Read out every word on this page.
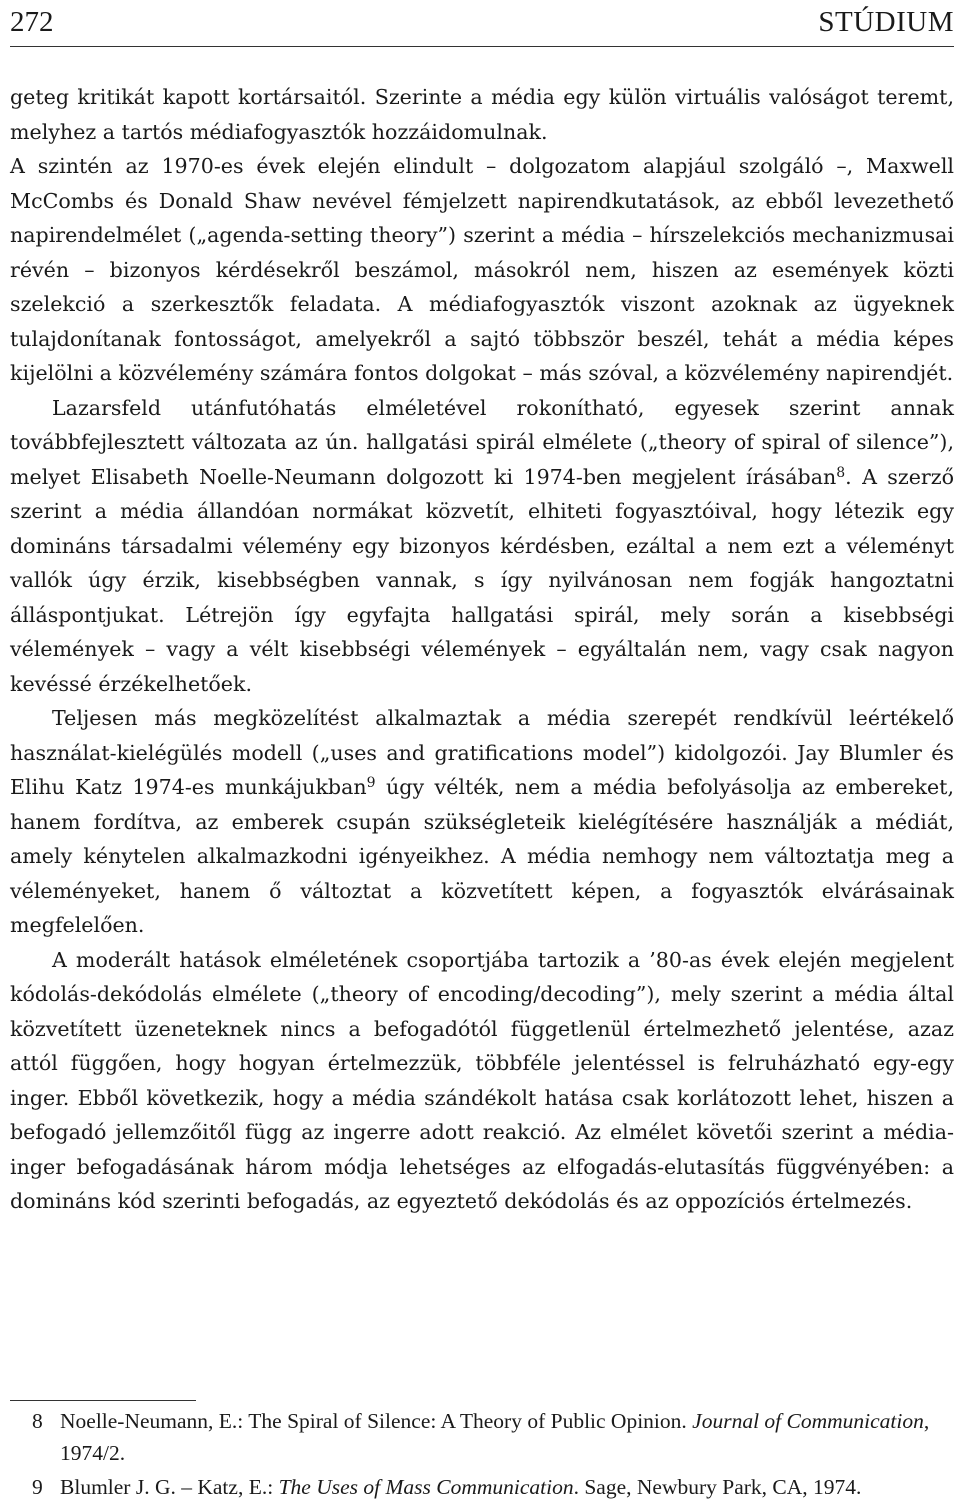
272	STÚDIUM

geteg kritikát kapott kortársaitól. Szerinte a média egy külön virtuális valóságot teremt, melyhez a tartós médiafogyasztók hozzáidomulnak.

A szintén az 1970-es évek elején elindult – dolgozatom alapjául szolgáló –, Maxwell McCombs és Donald Shaw nevével fémjelzett napirendkutatások, az ebből levezethető napirendelmélet („agenda-setting theory”) szerint a média – hírszelekciós mechanizmusai révén – bizonyos kérdésekről beszámol, másokról nem, hiszen az események közti szelekció a szerkesztők feladata. A médiafogyasztók viszont azoknak az ügyeknek tulajdonítanak fontosságot, amelyekről a sajtó többször beszél, tehát a média képes kijelölni a közvélemény számára fontos dolgokat – más szóval, a közvélemény napirendjét.

Lazarsfeld utánfutóhatás elméletével rokonítható, egyesek szerint annak továbbfejlesztett változata az ún. hallgatási spirál elmélete („theory of spiral of silence”), melyet Elisabeth Noelle-Neumann dolgozott ki 1974-ben megjelent írásában$^8$. A szerző szerint a média állandóan normákat közvetít, elhiteti fogyasztóival, hogy létezik egy domináns társadalmi vélemény egy bizonyos kérdésben, ezáltal a nem ezt a véleményt vallók úgy érzik, kisebbségben vannak, s így nyilvánosan nem fogják hangoztatni álláspontjukat. Létrejön így egyfajta hallgatási spirál, mely során a kisebbségi vélemények – vagy a vélt kisebbségi vélemények – egyáltalán nem, vagy csak nagyon kevéssé érzékelhetőek.

Teljesen más megközelítést alkalmaztak a média szerepét rendkívül leértékelő használat-kielégülés modell („uses and gratifications model”) kidolgozói. Jay Blumler és Elihu Katz 1974-es munkájukban$^9$ úgy vélték, nem a média befolyásolja az embereket, hanem fordítva, az emberek csupán szükségleteik kielégítésére használják a médiát, amely kénytelen alkalmazkodni igényeikhez. A média nemhogy nem változtatja meg a véleményeket, hanem ő változtat a közvetített képen, a fogyasztók elvárásainak megfelelően.

A moderált hatások elméletének csoportjába tartozik a ’80-as évek elején megjelent kódolás-dekódolás elmélete („theory of encoding/decoding”), mely szerint a média által közvetített üzeneteknek nincs a befogadótól függetlenül értelmezhető jelentése, azaz attól függően, hogy hogyan értelmezzük, többféle jelentéssel is felruházható egy-egy inger. Ebből következik, hogy a média szándékolt hatása csak korlátozott lehet, hiszen a befogadó jellemzőitől függ az ingerre adott reakció. Az elmélet követői szerint a média-inger befogadásának három módja lehetséges az elfogadás-elutasítás függvényében: a domináns kód szerinti befogadás, az egyeztető dekódolás és az oppozíciós értelmezés.

8 Noelle-Neumann, E.: The Spiral of Silence: A Theory of Public Opinion. Journal of Communication, 1974/2.
9 Blumler J. G. – Katz, E.: The Uses of Mass Communication. Sage, Newbury Park, CA, 1974.
